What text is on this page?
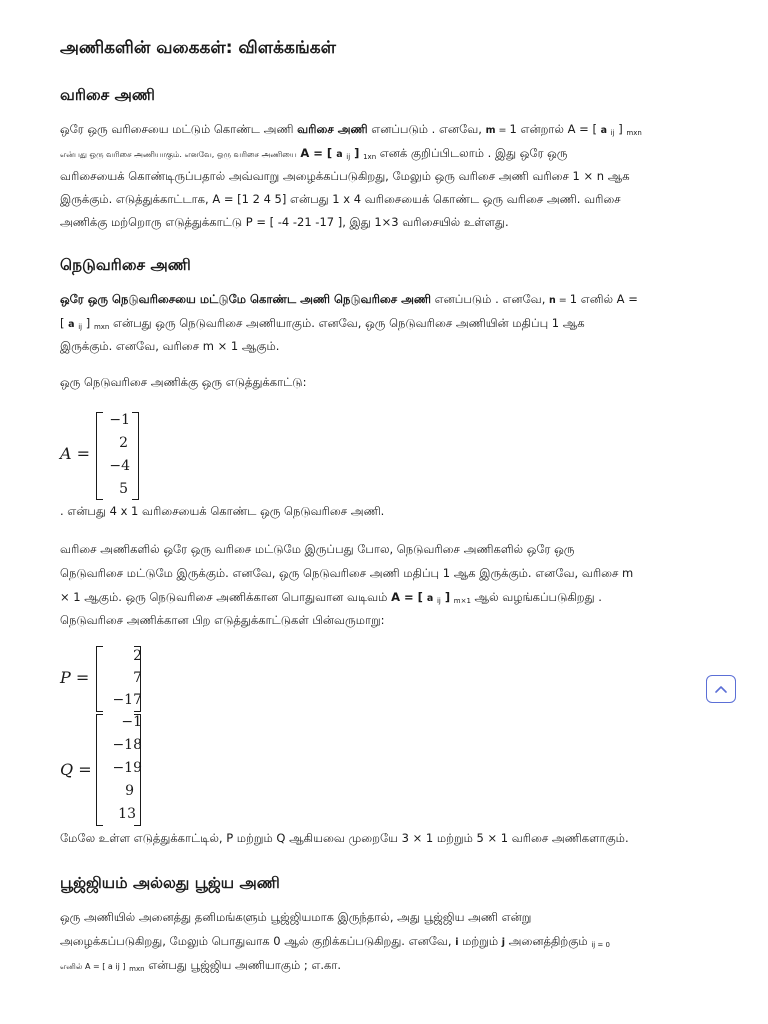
அணிகளின் வகைகள்: விளக்கங்கள்
வரிசை அணி

ஒரே ஒரு வரிசையை மட்டும் கொண்ட அணி வரிசை அணி எனப்படும் . எனவே, m = 1 என்றால் A = [ a $_{ij}$ ] $_{mxn}$

என்பது ஒரு வரிசை அணியாகும். எனவே, ஒரு வரிசை அணியை A = [ a $_{ij}$ ] $_{1xn}$ எனக் குறிப்பிடலாம் . இது ஒரே ஒரு

வரிசையைக் கொண்டிருப்பதால் அவ்வாறு அழைக்கப்படுகிறது, மேலும் ஒரு வரிசை அணி வரிசை 1 × n ஆக

இருக்கும். எடுத்துக்காட்டாக, A = [1 2 4 5] என்பது 1 x 4 வரிசையைக் கொண்ட ஒரு வரிசை அணி. வரிசை

அணிக்கு மற்றொரு எடுத்துக்காட்டு P = [ -4 -21 -17 ], இது 1×3 வரிசையில் உள்ளது.

நெடுவரிசை அணி

ஒரே ஒரு நெடுவரிசையை மட்டுமே கொண்ட அணி நெடுவரிசை அணி எனப்படும் . எனவே, n = 1 எனில் A =

[ a $_{ij}$ ] $_{mxn}$ என்பது ஒரு நெடுவரிசை அணியாகும். எனவே, ஒரு நெடுவரிசை அணியின் மதிப்பு 1 ஆக

இருக்கும். எனவே, வரிசை m × 1 ஆகும்.

ஒரு நெடுவரிசை அணிக்கு ஒரு எடுத்துக்காட்டு:

A =
−1
2
−4
5

. என்பது 4 x 1 வரிசையைக் கொண்ட ஒரு நெடுவரிசை அணி.

வரிசை அணிகளில் ஒரே ஒரு வரிசை மட்டுமே இருப்பது போல, நெடுவரிசை அணிகளில் ஒரே ஒரு

நெடுவரிசை மட்டுமே இருக்கும். எனவே, ஒரு நெடுவரிசை அணி மதிப்பு 1 ஆக இருக்கும். எனவே, வரிசை m

× 1 ஆகும். ஒரு நெடுவரிசை அணிக்கான பொதுவான வடிவம் A = [ a $_{ij}$ ] $_{m\times 1}$ ஆல் வழங்கப்படுகிறது .

நெடுவரிசை அணிக்கான பிற எடுத்துக்காட்டுகள் பின்வருமாறு:

P =
2
7
−17
Q =
−1
−18
−19
9
13

மேலே உள்ள எடுத்துக்காட்டில், P மற்றும் Q ஆகியவை முறையே 3 × 1 மற்றும் 5 × 1 வரிசை அணிகளாகும்.

பூஜ்ஜியம் அல்லது பூஜ்ய அணி

ஒரு அணியில் அனைத்து தனிமங்களும் பூஜ்ஜியமாக இருந்தால், அது பூஜ்ஜிய அணி என்று

அழைக்கப்படுகிறது, மேலும் பொதுவாக 0 ஆல் குறிக்கப்படுகிறது. எனவே, i மற்றும் j அனைத்திற்கும் $_{ij = 0}$

எனில் A = [ a ij ] $_{mxn}$ என்பது பூஜ்ஜிய அணியாகும் ; எ.கா.
